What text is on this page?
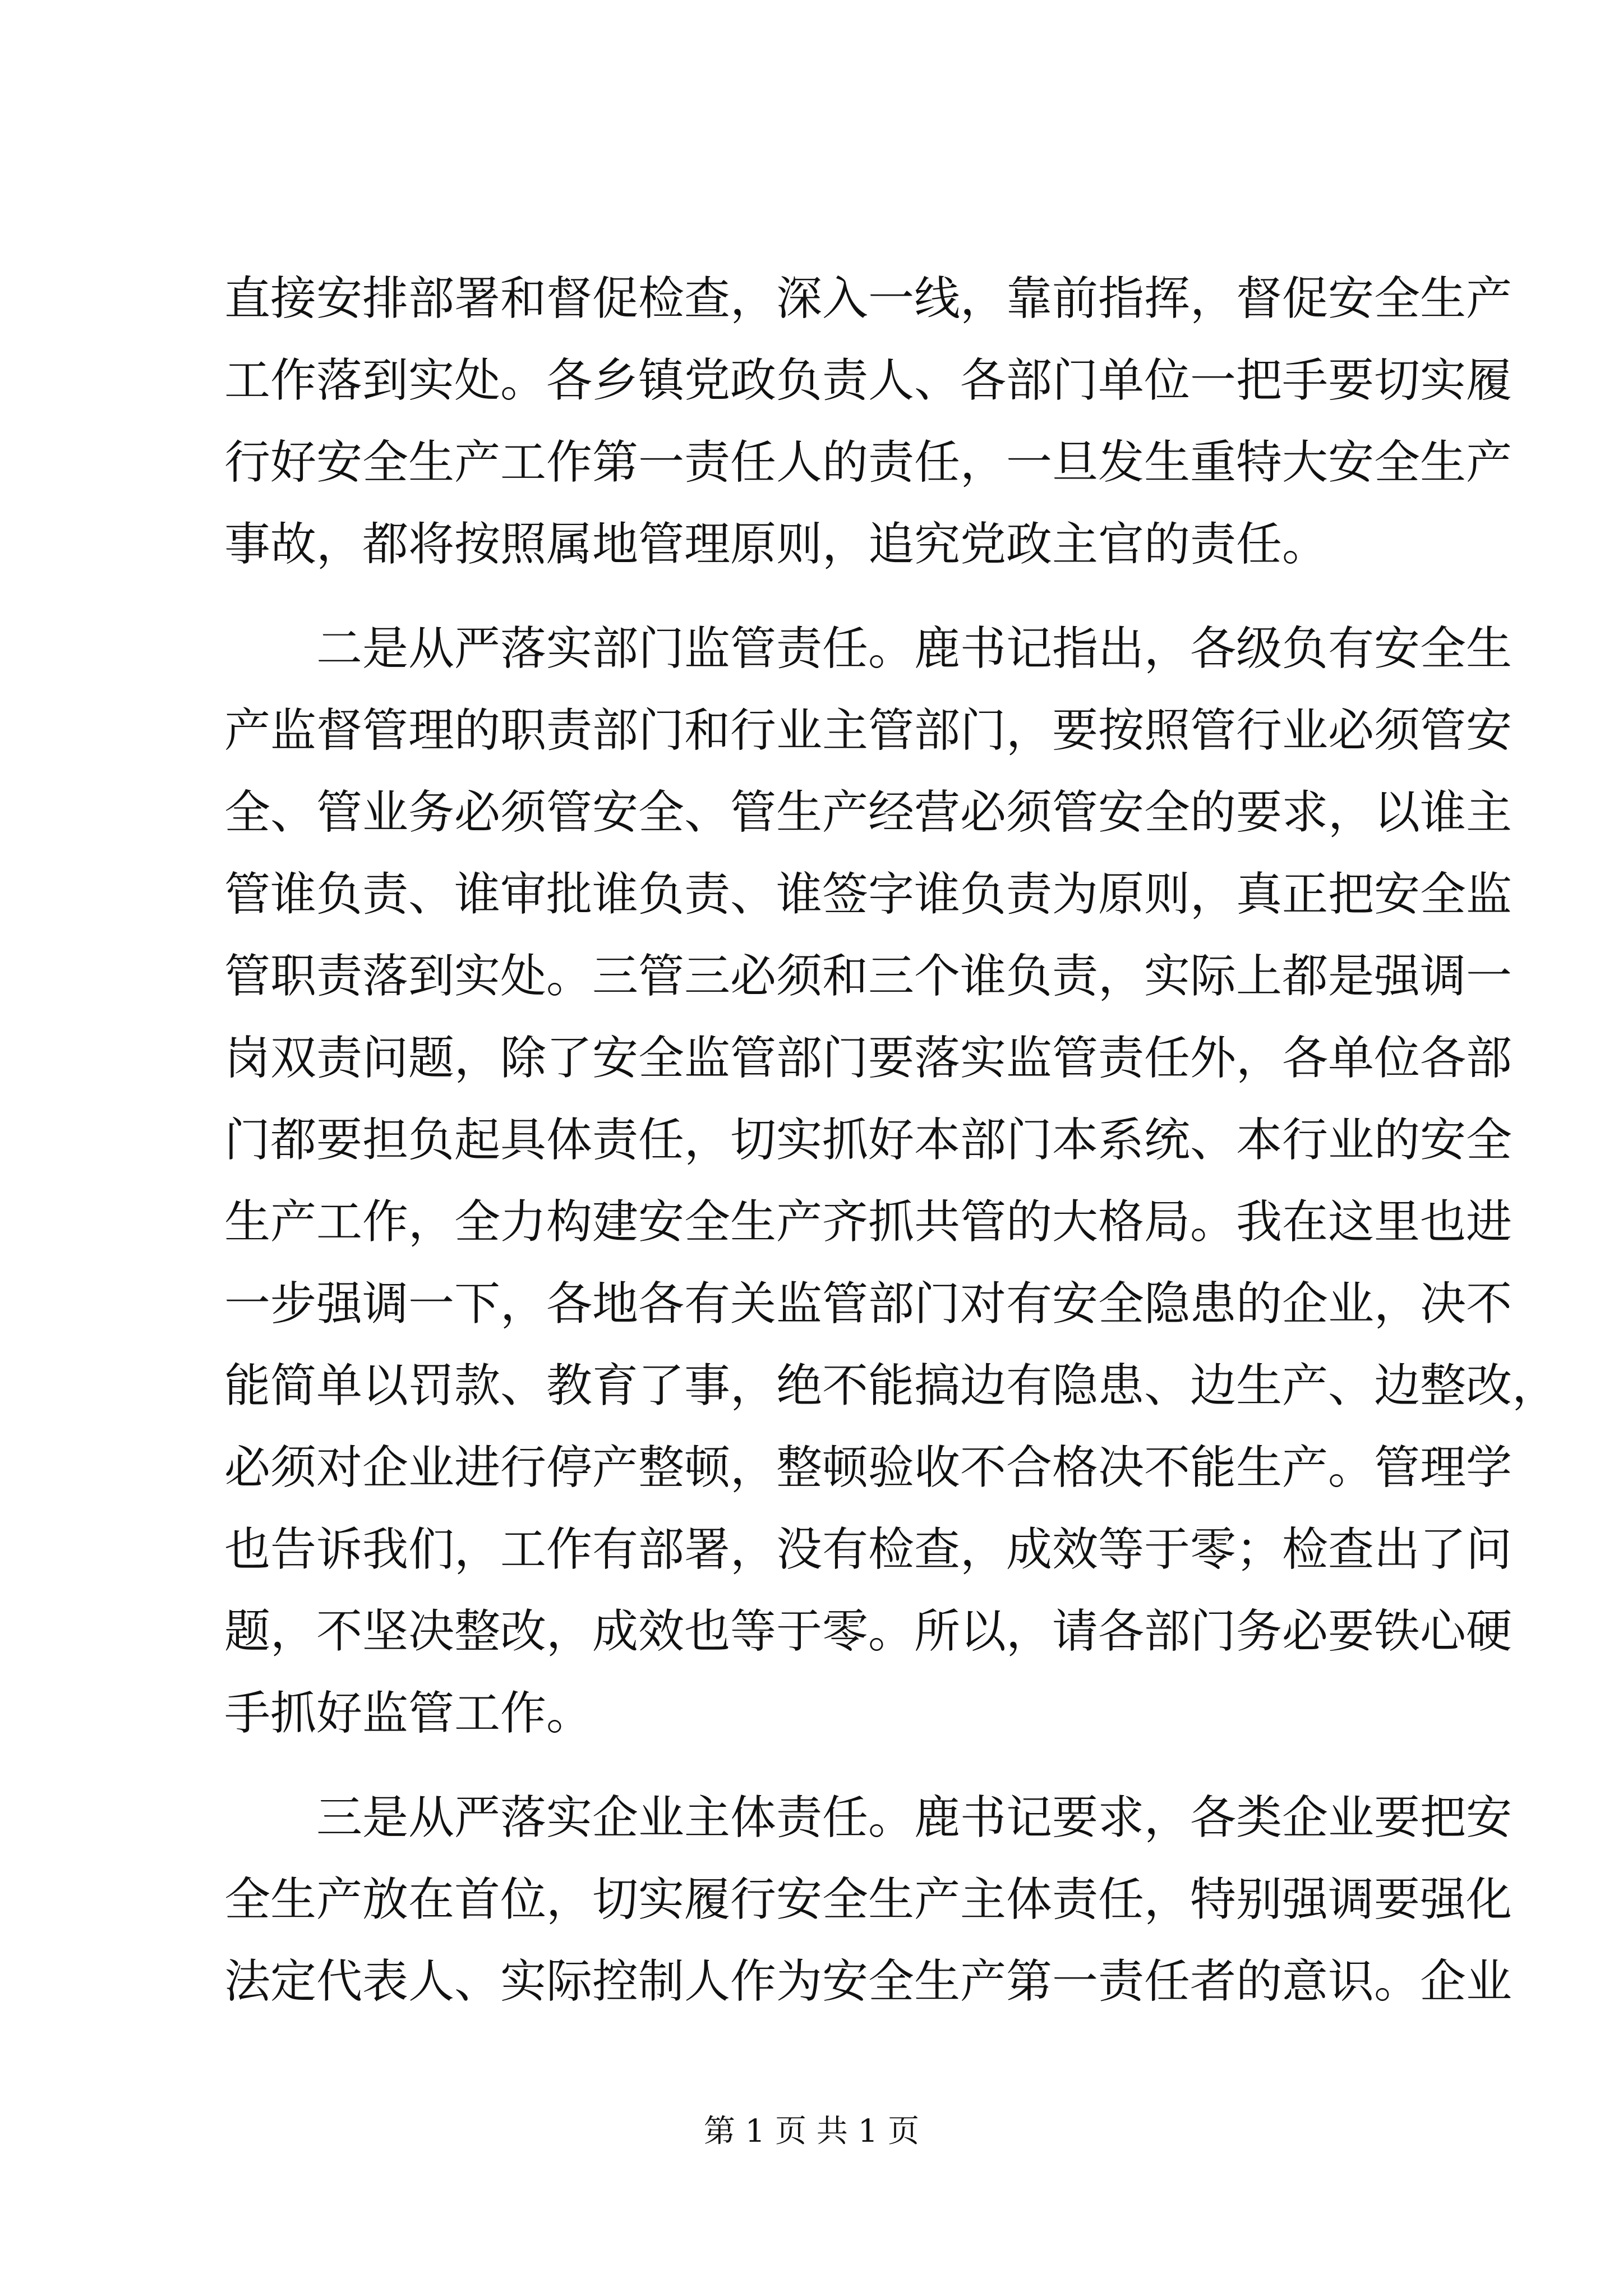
直接安排部署和督促检查，深入一线，靠前指挥，督促安全生产
工作落到实处。各乡镇党政负责人、各部门单位一把手要切实履
行好安全生产工作第一责任人的责任，一旦发生重特大安全生产
事故，都将按照属地管理原则，追究党政主官的责任。
二是从严落实部门监管责任。鹿书记指出，各级负有安全生
产监督管理的职责部门和行业主管部门，要按照管行业必须管安
全、管业务必须管安全、管生产经营必须管安全的要求，以谁主
管谁负责、谁审批谁负责、谁签字谁负责为原则，真正把安全监
管职责落到实处。三管三必须和三个谁负责，实际上都是强调一
岗双责问题，除了安全监管部门要落实监管责任外，各单位各部
门都要担负起具体责任，切实抓好本部门本系统、本行业的安全
生产工作，全力构建安全生产齐抓共管的大格局。我在这里也进
一步强调一下，各地各有关监管部门对有安全隐患的企业，决不
能简单以罚款、教育了事，绝不能搞边有隐患、边生产、边整改，
必须对企业进行停产整顿，整顿验收不合格决不能生产。管理学
也告诉我们，工作有部署，没有检查，成效等于零；检查出了问
题，不坚决整改，成效也等于零。所以，请各部门务必要铁心硬
手抓好监管工作。
三是从严落实企业主体责任。鹿书记要求，各类企业要把安
全生产放在首位，切实履行安全生产主体责任，特别强调要强化
法定代表人、实际控制人作为安全生产第一责任者的意识。企业
第 1 页 共 1 页
